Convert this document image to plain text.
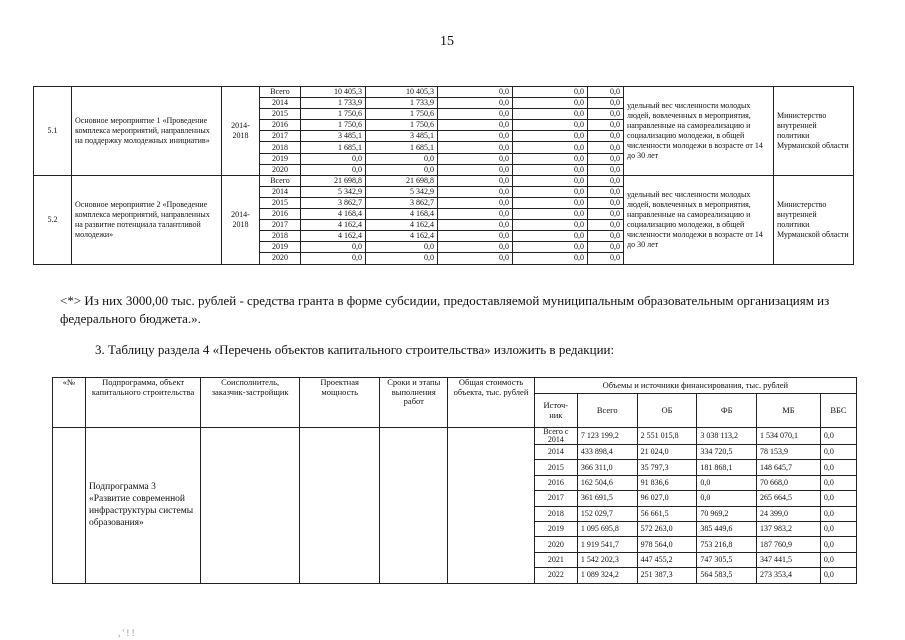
15
5.1	Основное мероприятие 1 «Проведение комплекса мероприятий, направленных на поддержку молодежных инициатив»	2014-2018	Всего	10 405,3	10 405,3	0,0	0,0	0,0	удельный вес численности молодых людей, вовлеченных в мероприятия, направленные на самореализацию и социализацию молодежи, в общей численности молодежи в возрасте от 14 до 30 лет	Министерство внутренней политики Мурманской области
			2014	1 733,9	1 733,9	0,0	0,0	0,0		
			2015	1 750,6	1 750,6	0,0	0,0	0,0		
			2016	1 750,6	1 750,6	0,0	0,0	0,0		
			2017	3 485,1	3 485,1	0,0	0,0	0,0		
			2018	1 685,1	1 685,1	0,0	0,0	0,0		
			2019	0,0	0,0	0,0	0,0	0,0		
			2020	0,0	0,0	0,0	0,0	0,0		
5.2	Основное мероприятие 2 «Проведение комплекса мероприятий, направленных на развитие потенциала талантливой молодежи»	2014-2018	Всего	21 698,8	21 698,8	0,0	0,0	0,0	удельный вес численности молодых людей, вовлеченных в мероприятия, направленные на самореализацию и социализацию молодежи, в общей численности молодежи в возрасте от 14 до 30 лет	Министерство внутренней политики Мурманской области
			2014	5 342,9	5 342,9	0,0	0,0	0,0		
			2015	3 862,7	3 862,7	0,0	0,0	0,0		
			2016	4 168,4	4 168,4	0,0	0,0	0,0		
			2017	4 162,4	4 162,4	0,0	0,0	0,0		
			2018	4 162,4	4 162,4	0,0	0,0	0,0		
			2019	0,0	0,0	0,0	0,0	0,0		
			2020	0,0	0,0	0,0	0,0	0,0		
<*> Из них 3000,00 тыс. рублей - средства гранта в форме субсидии, предоставляемой муниципальным образовательным организациям из федерального бюджета.».
3. Таблицу раздела 4 «Перечень объектов капитального строительства» изложить в редакции:
«№	Подпрограмма, объект капитального строительства	Соисполнитель, заказчик-застройщик	Проектная мощность	Сроки и этапы выполнения работ	Общая стоимость объекта, тыс. рублей	Объемы и источники финансирования, тыс. рублей					
						Источ-ник	Всего	ОБ	ФБ	МБ	ВБС
	Подпрограмма 3 «Развитие современной инфраструктуры системы образования»					Всего с 2014	7 123 199,2	2 551 015,8	3 038 113,2	1 534 070,1	0,0
						2014	433 898,4	21 024,0	334 720,5	78 153,9	0,0
						2015	366 311,0	35 797,3	181 868,1	148 645,7	0,0
						2016	162 504,6	91 836,6	0,0	70 668,0	0,0
						2017	361 691,5	96 027,0	0,0	265 664,5	0,0
						2018	152 029,7	56 661,5	70 969,2	24 399,0	0,0
						2019	1 095 695,8	572 263,0	385 449,6	137 983,2	0,0
						2020	1 919 541,7	978 564,0	753 216,8	187 760,9	0,0
						2021	1 542 202,3	447 455,2	747 305,5	347 441,5	0,0
						2022	1 089 324,2	251 387,3	564 583,5	273 353,4	0,0
, ' ! !
